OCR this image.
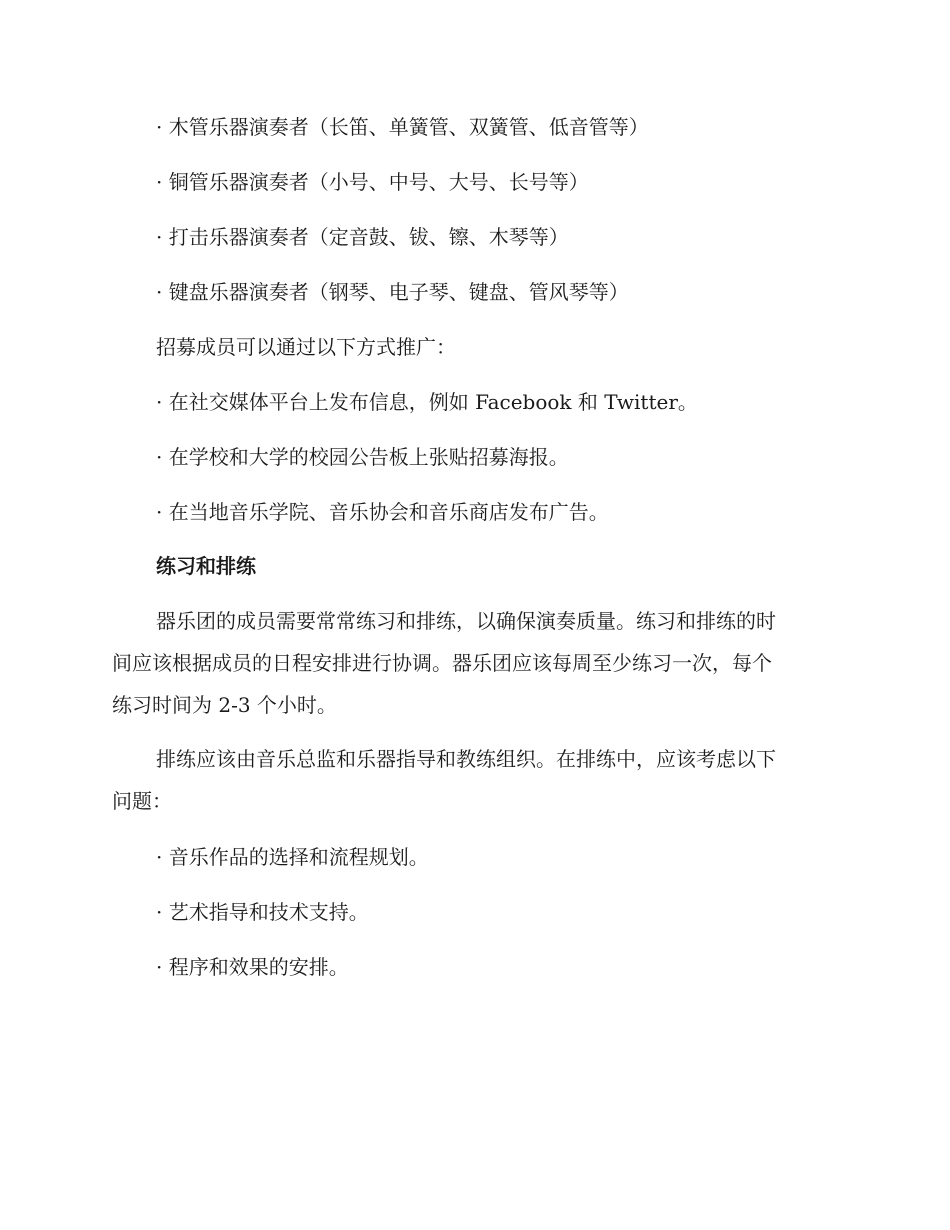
· 木管乐器演奏者（长笛、单簧管、双簧管、低音管等）

· 铜管乐器演奏者（小号、中号、大号、长号等）

· 打击乐器演奏者（定音鼓、钹、镲、木琴等）

· 键盘乐器演奏者（钢琴、电子琴、键盘、管风琴等）

招募成员可以通过以下方式推广：

· 在社交媒体平台上发布信息，例如 Facebook 和 Twitter。

· 在学校和大学的校园公告板上张贴招募海报。

· 在当地音乐学院、音乐协会和音乐商店发布广告。

练习和排练

器乐团的成员需要常常练习和排练，以确保演奏质量。练习和排练的时

间应该根据成员的日程安排进行协调。器乐团应该每周至少练习一次，每个

练习时间为 2-3 个小时。

排练应该由音乐总监和乐器指导和教练组织。在排练中，应该考虑以下

问题：

· 音乐作品的选择和流程规划。

· 艺术指导和技术支持。

· 程序和效果的安排。
